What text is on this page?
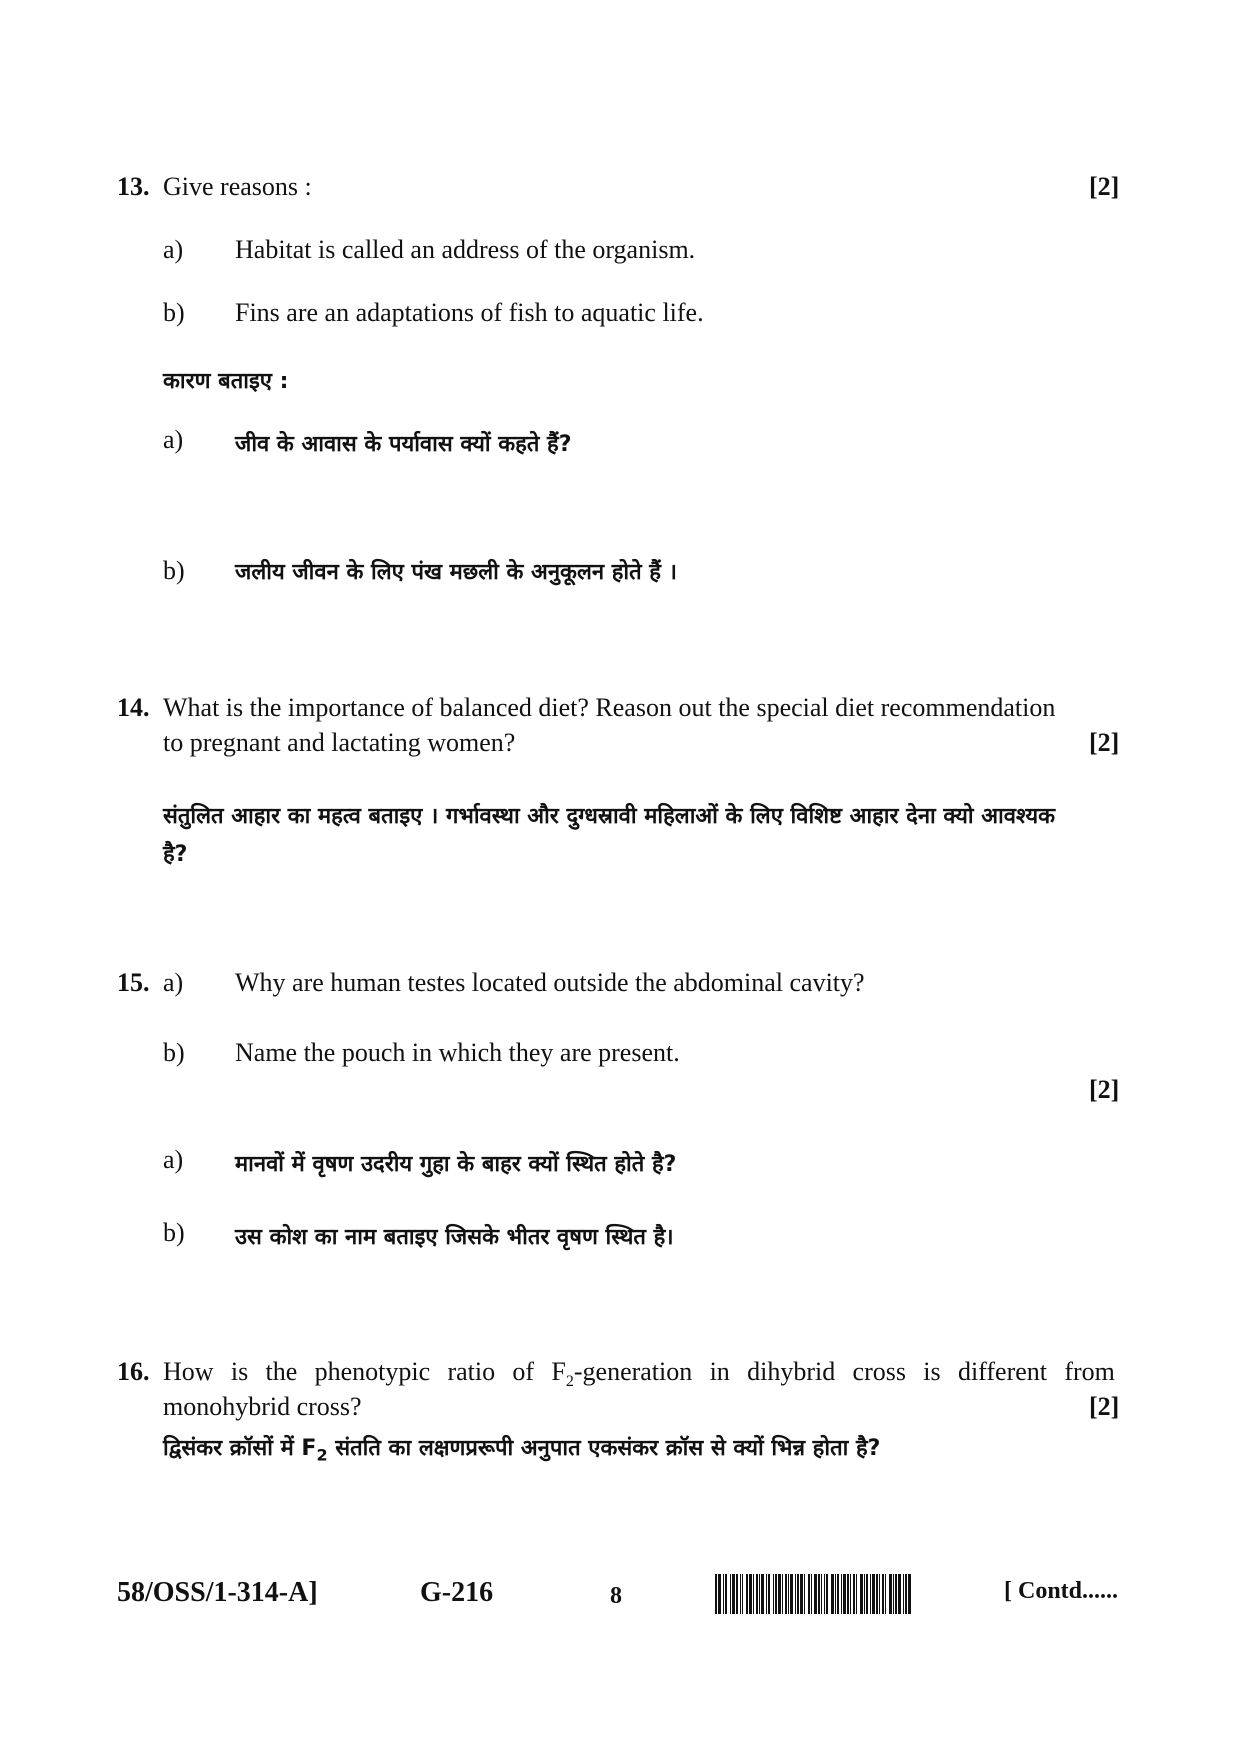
13. Give reasons :	[2]
a) Habitat is called an address of the organism.
b) Fins are an adaptations of fish to aquatic life.
कारण बताइए :
a) जीव के आवास के पर्यावास क्यों कहते हैं?
b) जलीय जीवन के लिए पंख मछली के अनुकूलन होते हैं ।
14. What is the importance of balanced diet? Reason out the special diet recommendation
to pregnant and lactating women?	[2]
संतुलित आहार का महत्व बताइए । गर्भावस्था और दुग्धस्रावी महिलाओं के लिए विशिष्ट आहार देना क्यो आवश्यक
है?
15. a) Why are human testes located outside the abdominal cavity?
b) Name the pouch in which they are present.
[2]
a) मानवों में वृषण उदरीय गुहा के बाहर क्यों स्थित होते है?
b) उस कोश का नाम बताइए जिसके भीतर वृषण स्थित है।
16. How is the phenotypic ratio of $F_2$-generation in dihybrid cross is different from
monohybrid cross?	[2]
द्विसंकर क्रॉसों में $F_2$ संतति का लक्षणप्ररूपी अनुपात एकसंकर क्रॉस से क्यों भिन्न होता है?
58/OSS/1-314-A]	G-216	8	[ Contd......
